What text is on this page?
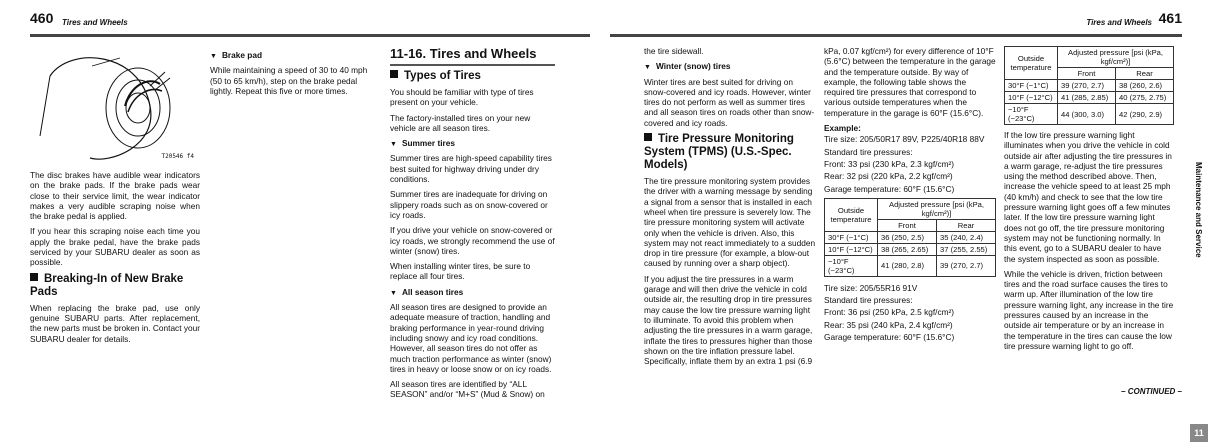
460 Tires and Wheels
T20546 f4

The disc brakes have audible wear indicators on the brake pads. If the brake pads wear close to their service limit, the wear indicator makes a very audible scraping noise when the brake pedal is applied.

If you hear this scraping noise each time you apply the brake pedal, have the brake pads serviced by your SUBARU dealer as soon as possible.

Breaking-In of New Brake Pads

When replacing the brake pad, use only genuine SUBARU parts. After replacement, the new parts must be broken in. Contact your SUBARU dealer for details.

▼ Brake pad

While maintaining a speed of 30 to 40 mph (50 to 65 km/h), step on the brake pedal lightly. Repeat this five or more times.

11-16. Tires and Wheels
Types of Tires

You should be familiar with type of tires present on your vehicle.

The factory-installed tires on your new vehicle are all season tires.

▼ Summer tires

Summer tires are high-speed capability tires best suited for highway driving under dry conditions.

Summer tires are inadequate for driving on slippery roads such as on snow-covered or icy roads.

If you drive your vehicle on snow-covered or icy roads, we strongly recommend the use of winter (snow) tires.

When installing winter tires, be sure to replace all four tires.

▼ All season tires

All season tires are designed to provide an adequate measure of traction, handling and braking performance in year-round driving including snowy and icy road conditions. However, all season tires do not offer as much traction performance as winter (snow) tires in heavy or loose snow or on icy roads.

All season tires are identified by “ALL SEASON” and/or “M+S” (Mud & Snow) on

Tires and Wheels 461

the tire sidewall.

▼ Winter (snow) tires

Winter tires are best suited for driving on snow-covered and icy roads. However, winter tires do not perform as well as summer tires and all season tires on roads other than snow-covered and icy roads.

Tire Pressure Monitoring System (TPMS) (U.S.-Spec. Models)

The tire pressure monitoring system provides the driver with a warning message by sending a signal from a sensor that is installed in each wheel when tire pressure is severely low. The tire pressure monitoring system will activate only when the vehicle is driven. Also, this system may not react immediately to a sudden drop in tire pressure (for example, a blow-out caused by running over a sharp object).

If you adjust the tire pressures in a warm garage and will then drive the vehicle in cold outside air, the resulting drop in tire pressures may cause the low tire pressure warning light to illuminate. To avoid this problem when adjusting the tire pressures in a warm garage, inflate the tires to pressures higher than those shown on the tire inflation pressure label. Specifically, inflate them by an extra 1 psi (6.9

kPa, 0.07 kgf/cm²) for every difference of 10°F (5.6°C) between the temperature in the garage and the temperature outside. By way of example, the following table shows the required tire pressures that correspond to various outside temperatures when the temperature in the garage is 60°F (15.6°C).

Example:

Tire size: 205/50R17 89V, P225/40R18 88V

Standard tire pressures:

Front: 33 psi (230 kPa, 2.3 kgf/cm²)

Rear: 32 psi (220 kPa, 2.2 kgf/cm²)

Garage temperature: 60°F (15.6°C)

Outside temperature	Adjusted pressure [psi (kPa, kgf/cm²)]	
	Front	Rear
30°F (−1°C)	36 (250, 2.5)	35 (240, 2.4)
10°F (−12°C)	38 (265, 2.65)	37 (255, 2.55)
−10°F (−23°C)	41 (280, 2.8)	39 (270, 2.7)

Tire size: 205/55R16 91V

Standard tire pressures:

Front: 36 psi (250 kPa, 2.5 kgf/cm²)

Rear: 35 psi (240 kPa, 2.4 kgf/cm²)

Garage temperature: 60°F (15.6°C)

Outside temperature	Adjusted pressure [psi (kPa, kgf/cm²)]	
	Front	Rear
30°F (−1°C)	39 (270, 2.7)	38 (260, 2.6)
10°F (−12°C)	41 (285, 2.85)	40 (275, 2.75)
−10°F (−23°C)	44 (300, 3.0)	42 (290, 2.9)

If the low tire pressure warning light illuminates when you drive the vehicle in cold outside air after adjusting the tire pressures in a warm garage, re-adjust the tire pressures using the method described above. Then, increase the vehicle speed to at least 25 mph (40 km/h) and check to see that the low tire pressure warning light goes off a few minutes later. If the low tire pressure warning light does not go off, the tire pressure monitoring system may not be functioning normally. In this event, go to a SUBARU dealer to have the system inspected as soon as possible.

While the vehicle is driven, friction between tires and the road surface causes the tires to warm up. After illumination of the low tire pressure warning light, any increase in the tire pressures caused by an increase in the outside air temperature or by an increase in the temperature in the tires can cause the low tire pressure warning light to go off.

Maintenance and Service
11
– CONTINUED –
